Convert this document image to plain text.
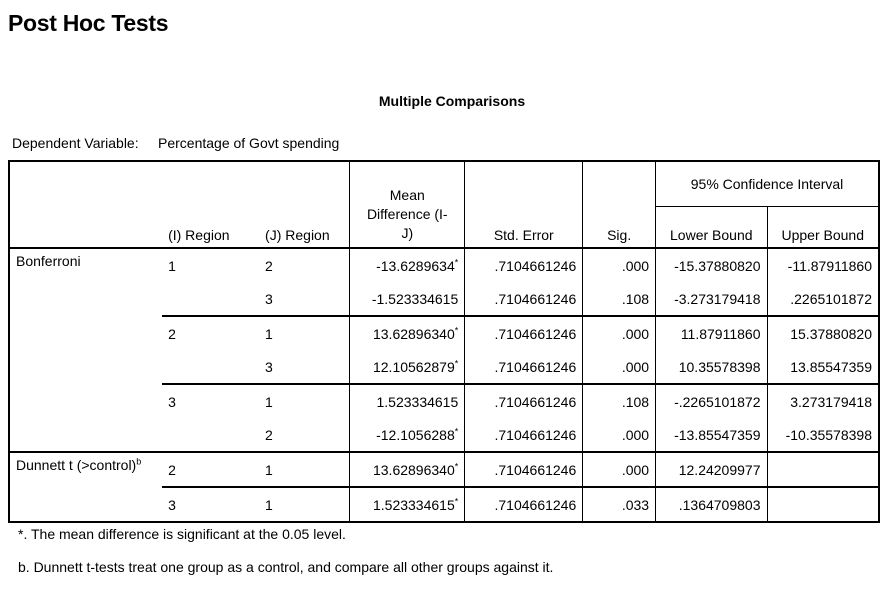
Post Hoc Tests
Multiple Comparisons
Dependent Variable: Percentage of Govt spending
	(I) Region	(J) Region	Mean
Difference (I-
J)	Std. Error	Sig.	95% Confidence Interval	
						Lower Bound	Upper Bound
Bonferroni	1	2	-13.6289634*	.7104661246	.000	-15.37880820	-11.87911860
		3	-1.523334615	.7104661246	.108	-3.273179418	.2265101872
	2	1	13.62896340*	.7104661246	.000	11.87911860	15.37880820
		3	12.10562879*	.7104661246	.000	10.35578398	13.85547359
	3	1	1.523334615	.7104661246	.108	-.2265101872	3.273179418
		2	-12.1056288*	.7104661246	.000	-13.85547359	-10.35578398
Dunnett t (>control)$^b$	2	1	13.62896340*	.7104661246	.000	12.24209977	
	3	1	1.523334615*	.7104661246	.033	.1364709803	
*. The mean difference is significant at the 0.05 level.
b. Dunnett t-tests treat one group as a control, and compare all other groups against it.
